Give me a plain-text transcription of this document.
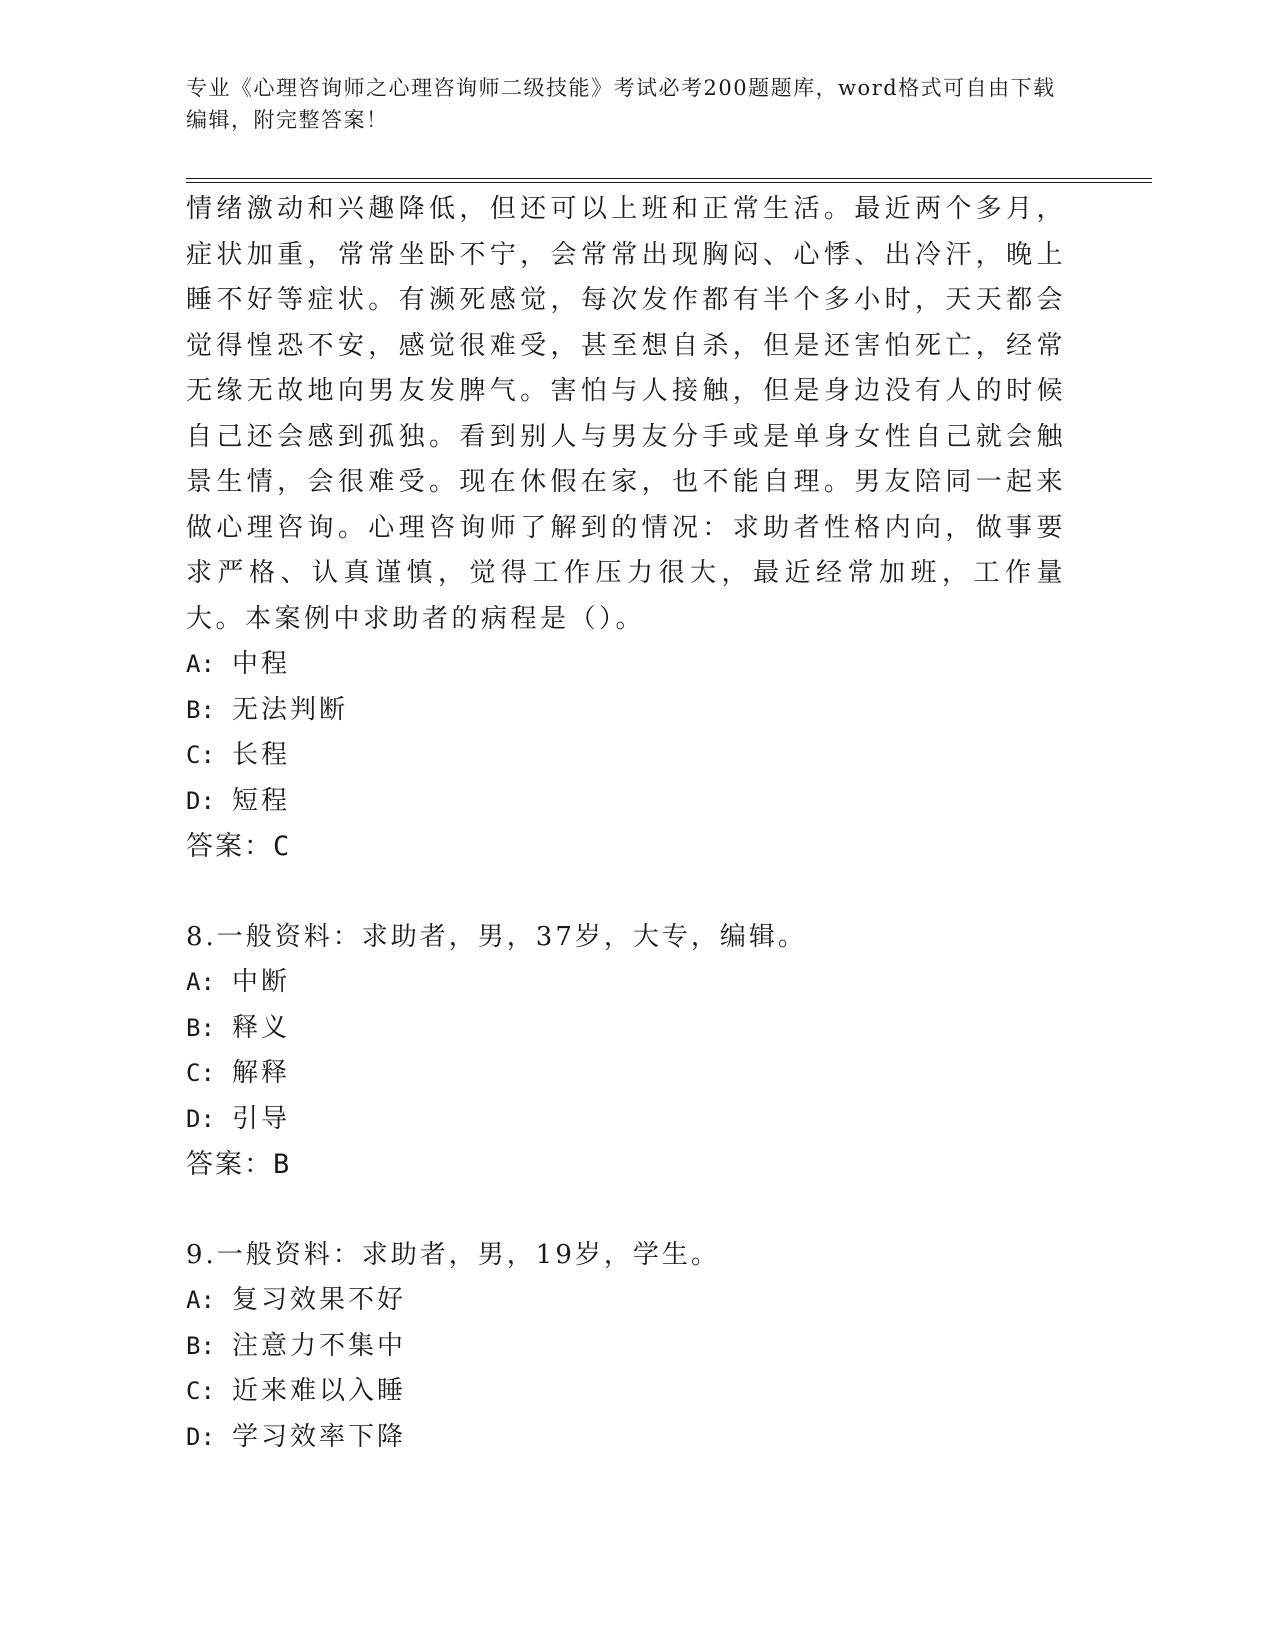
专业《心理咨询师之心理咨询师二级技能》考试必考200题题库，word格式可自由下载编辑，附完整答案！

情绪激动和兴趣降低，但还可以上班和正常生活。最近两个多月，症状加重，常常坐卧不宁，会常常出现胸闷、心悸、出冷汗，晚上睡不好等症状。有濒死感觉，每次发作都有半个多小时，天天都会觉得惶恐不安，感觉很难受，甚至想自杀，但是还害怕死亡，经常无缘无故地向男友发脾气。害怕与人接触，但是身边没有人的时候自己还会感到孤独。看到别人与男友分手或是单身女性自己就会触景生情，会很难受。现在休假在家，也不能自理。男友陪同一起来做心理咨询。心理咨询师了解到的情况：求助者性格内向，做事要求严格、认真谨慎，觉得工作压力很大，最近经常加班，工作量大。本案例中求助者的病程是（）。

A: 中程

B: 无法判断

C: 长程

D: 短程

答案：C

8.一般资料：求助者，男，37岁，大专，编辑。

A: 中断

B: 释义

C: 解释

D: 引导

答案：B

9.一般资料：求助者，男，19岁，学生。

A: 复习效果不好

B: 注意力不集中

C: 近来难以入睡

D: 学习效率下降
